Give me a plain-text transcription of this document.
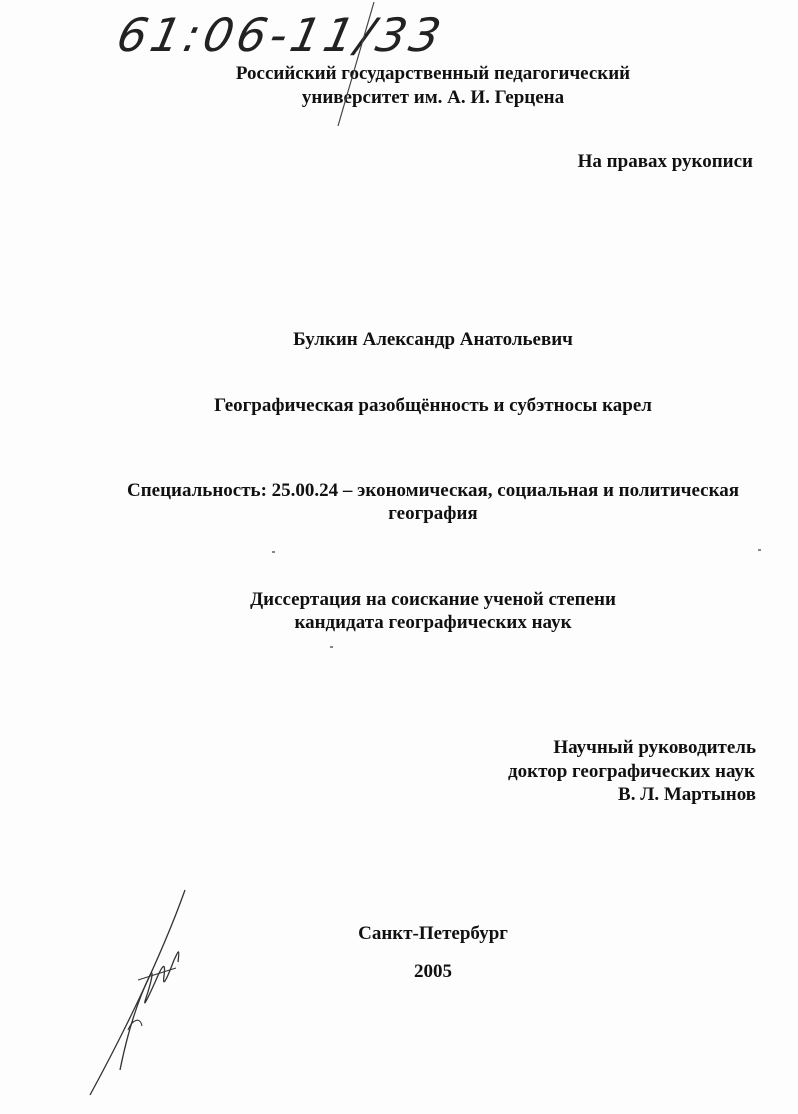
61:06-11/33
Российский государственный педагогический
университет им. А. И. Герцена
На правах рукописи
Булкин Александр Анатольевич
Географическая разобщённость и субэтносы карел
Специальность: 25.00.24 – экономическая, социальная и политическая
география
Диссертация на соискание ученой степени
кандидата географических наук
Научный руководитель
доктор географических наук
В. Л. Мартынов
Санкт-Петербург
2005
